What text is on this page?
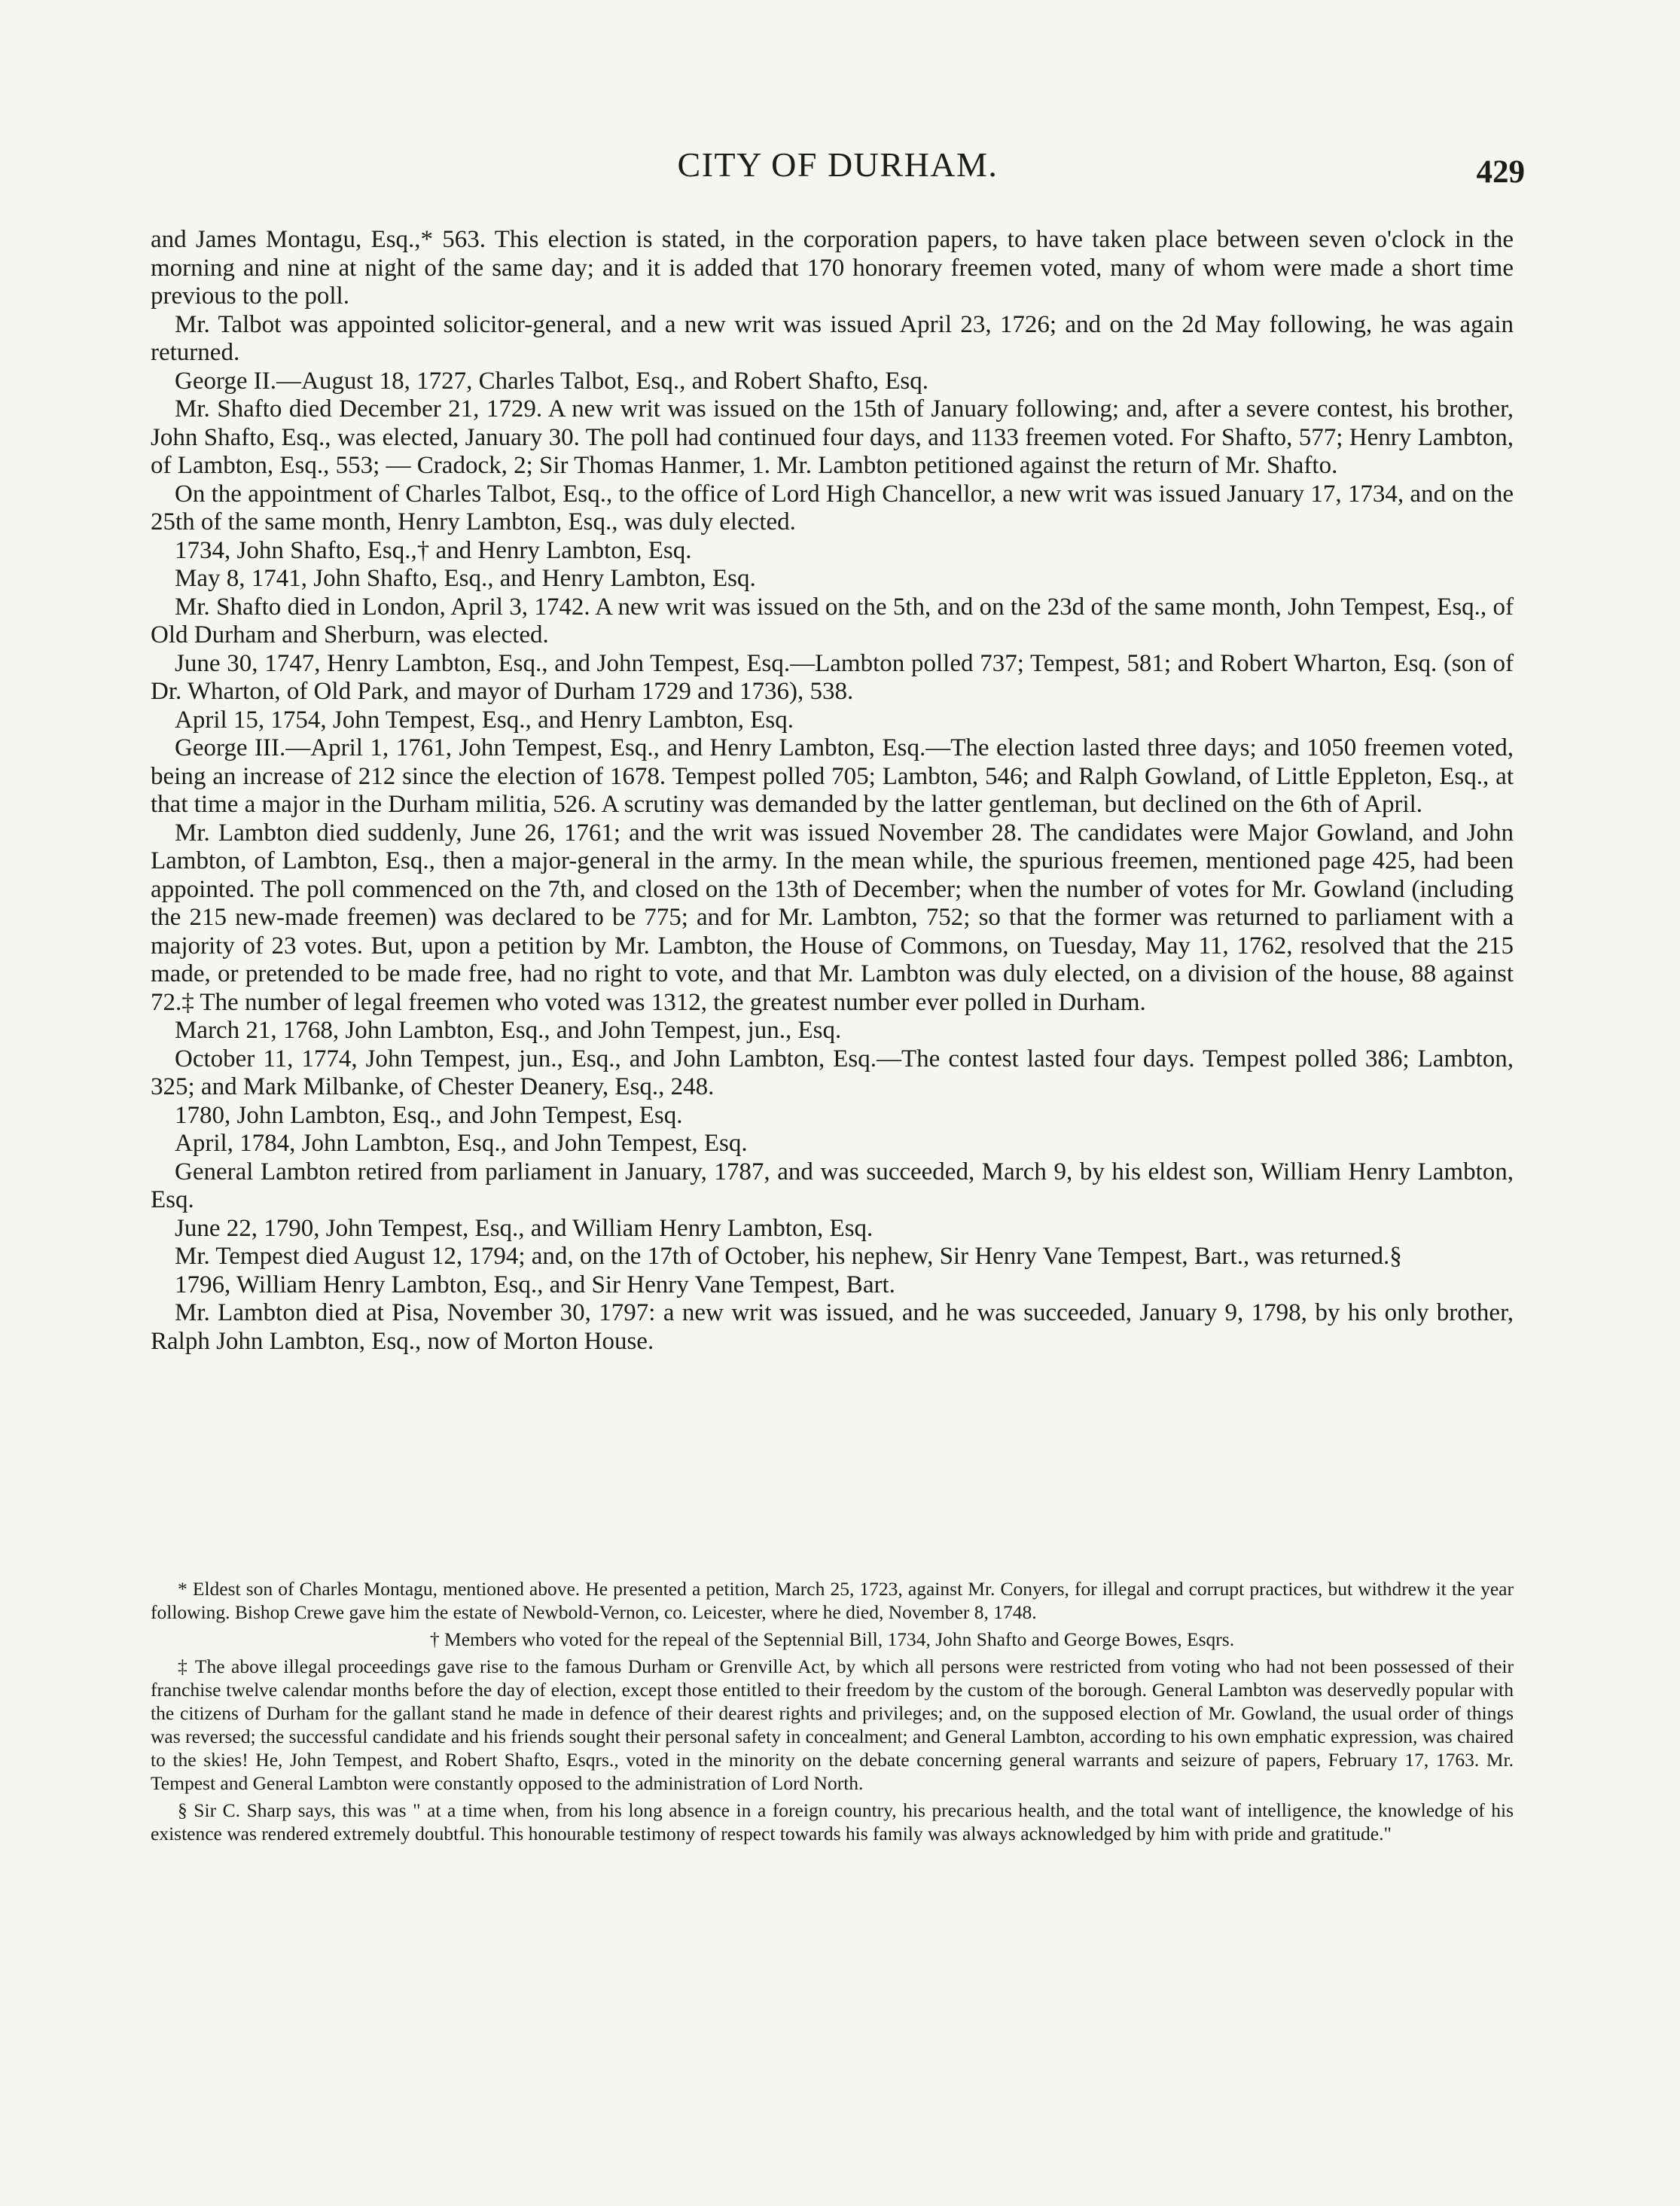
CITY OF DURHAM.	429

and James Montagu, Esq.,* 563. This election is stated, in the corporation papers, to have taken place between seven o'clock in the morning and nine at night of the same day; and it is added that 170 honorary freemen voted, many of whom were made a short time previous to the poll.

Mr. Talbot was appointed solicitor-general, and a new writ was issued April 23, 1726; and on the 2d May following, he was again returned.

George II.—August 18, 1727, Charles Talbot, Esq., and Robert Shafto, Esq.

Mr. Shafto died December 21, 1729. A new writ was issued on the 15th of January following; and, after a severe contest, his brother, John Shafto, Esq., was elected, January 30. The poll had continued four days, and 1133 freemen voted. For Shafto, 577; Henry Lambton, of Lambton, Esq., 553; — Cradock, 2; Sir Thomas Hanmer, 1. Mr. Lambton petitioned against the return of Mr. Shafto.

On the appointment of Charles Talbot, Esq., to the office of Lord High Chancellor, a new writ was issued January 17, 1734, and on the 25th of the same month, Henry Lambton, Esq., was duly elected.

1734, John Shafto, Esq.,† and Henry Lambton, Esq.

May 8, 1741, John Shafto, Esq., and Henry Lambton, Esq.

Mr. Shafto died in London, April 3, 1742. A new writ was issued on the 5th, and on the 23d of the same month, John Tempest, Esq., of Old Durham and Sherburn, was elected.

June 30, 1747, Henry Lambton, Esq., and John Tempest, Esq.—Lambton polled 737; Tempest, 581; and Robert Wharton, Esq. (son of Dr. Wharton, of Old Park, and mayor of Durham 1729 and 1736), 538.

April 15, 1754, John Tempest, Esq., and Henry Lambton, Esq.

George III.—April 1, 1761, John Tempest, Esq., and Henry Lambton, Esq.—The election lasted three days; and 1050 freemen voted, being an increase of 212 since the election of 1678. Tempest polled 705; Lambton, 546; and Ralph Gowland, of Little Eppleton, Esq., at that time a major in the Durham militia, 526. A scrutiny was demanded by the latter gentleman, but declined on the 6th of April.

Mr. Lambton died suddenly, June 26, 1761; and the writ was issued November 28. The candidates were Major Gowland, and John Lambton, of Lambton, Esq., then a major-general in the army. In the mean while, the spurious freemen, mentioned page 425, had been appointed. The poll commenced on the 7th, and closed on the 13th of December; when the number of votes for Mr. Gowland (including the 215 new-made freemen) was declared to be 775; and for Mr. Lambton, 752; so that the former was returned to parliament with a majority of 23 votes. But, upon a petition by Mr. Lambton, the House of Commons, on Tuesday, May 11, 1762, resolved that the 215 made, or pretended to be made free, had no right to vote, and that Mr. Lambton was duly elected, on a division of the house, 88 against 72.‡ The number of legal freemen who voted was 1312, the greatest number ever polled in Durham.

March 21, 1768, John Lambton, Esq., and John Tempest, jun., Esq.

October 11, 1774, John Tempest, jun., Esq., and John Lambton, Esq.—The contest lasted four days. Tempest polled 386; Lambton, 325; and Mark Milbanke, of Chester Deanery, Esq., 248.

1780, John Lambton, Esq., and John Tempest, Esq.

April, 1784, John Lambton, Esq., and John Tempest, Esq.

General Lambton retired from parliament in January, 1787, and was succeeded, March 9, by his eldest son, William Henry Lambton, Esq.

June 22, 1790, John Tempest, Esq., and William Henry Lambton, Esq.

Mr. Tempest died August 12, 1794; and, on the 17th of October, his nephew, Sir Henry Vane Tempest, Bart., was returned.§

1796, William Henry Lambton, Esq., and Sir Henry Vane Tempest, Bart.

Mr. Lambton died at Pisa, November 30, 1797: a new writ was issued, and he was succeeded, January 9, 1798, by his only brother, Ralph John Lambton, Esq., now of Morton House.

* Eldest son of Charles Montagu, mentioned above. He presented a petition, March 25, 1723, against Mr. Conyers, for illegal and corrupt practices, but withdrew it the year following. Bishop Crewe gave him the estate of Newbold-Vernon, co. Leicester, where he died, November 8, 1748.

† Members who voted for the repeal of the Septennial Bill, 1734, John Shafto and George Bowes, Esqrs.

‡ The above illegal proceedings gave rise to the famous Durham or Grenville Act, by which all persons were restricted from voting who had not been possessed of their franchise twelve calendar months before the day of election, except those entitled to their freedom by the custom of the borough. General Lambton was deservedly popular with the citizens of Durham for the gallant stand he made in defence of their dearest rights and privileges; and, on the supposed election of Mr. Gowland, the usual order of things was reversed; the successful candidate and his friends sought their personal safety in concealment; and General Lambton, according to his own emphatic expression, was chaired to the skies! He, John Tempest, and Robert Shafto, Esqrs., voted in the minority on the debate concerning general warrants and seizure of papers, February 17, 1763. Mr. Tempest and General Lambton were constantly opposed to the administration of Lord North.

§ Sir C. Sharp says, this was " at a time when, from his long absence in a foreign country, his precarious health, and the total want of intelligence, the knowledge of his existence was rendered extremely doubtful. This honourable testimony of respect towards his family was always acknowledged by him with pride and gratitude."
